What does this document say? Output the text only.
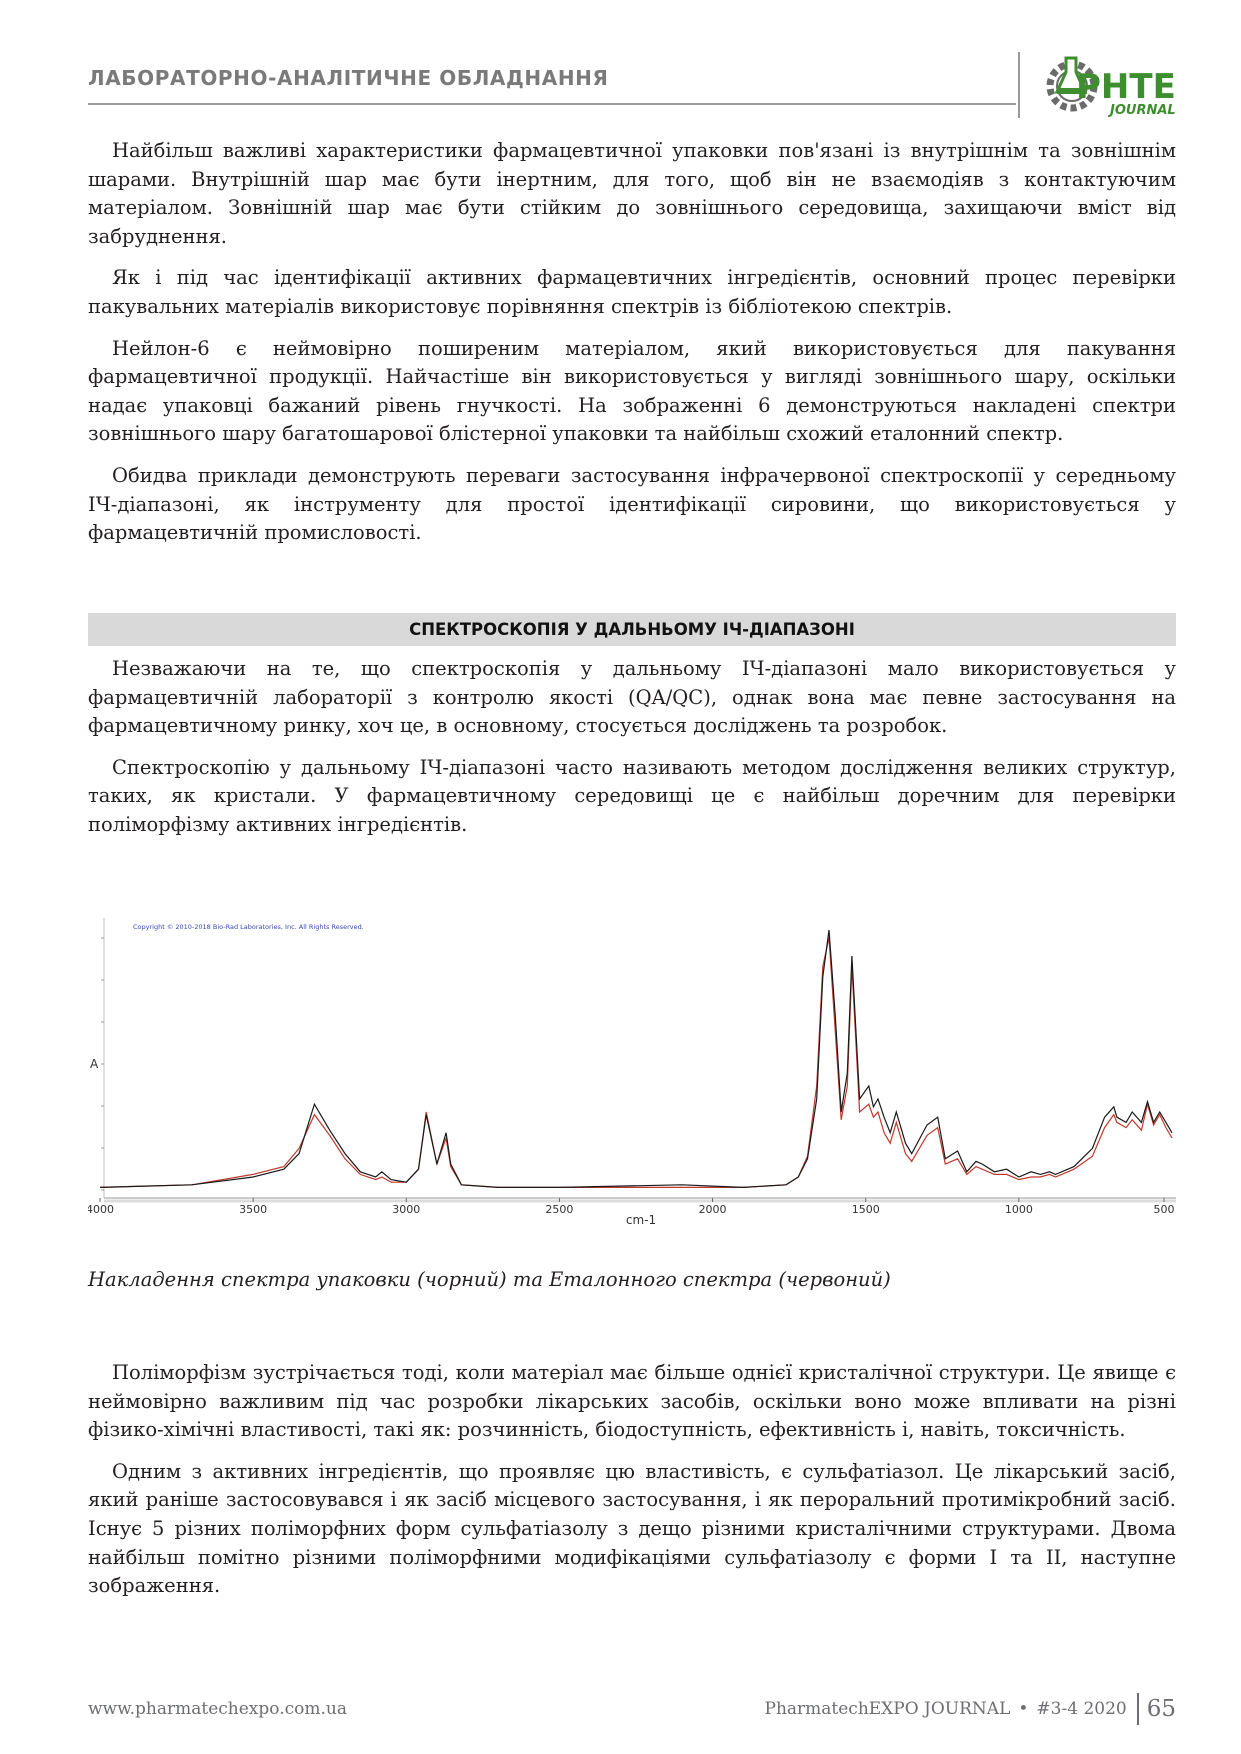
ЛАБОРАТОРНО-АНАЛІТИЧНЕ ОБЛАДНАННЯ	PHTE
JOURNAL

Найбільш важливі характеристики фармацевтичної упаковки пов'язані із внутрішнім та зовнішнім шарами. Внутрішній шар має бути інертним, для того, щоб він не взаємодіяв з контактуючим матеріалом. Зовнішній шар має бути стійким до зовнішнього середовища, захищаючи вміст від забруднення.

Як і під час ідентифікації активних фармацевтичних інгредієнтів, основний процес перевірки пакувальних матеріалів використовує порівняння спектрів із бібліотекою спектрів.

Нейлон-6 є неймовірно поширеним матеріалом, який використовується для пакування фармацевтичної продукції. Найчастіше він використовується у вигляді зовнішнього шару, оскільки надає упаковці бажаний рівень гнучкості. На зображенні 6 демонструються накладені спектри зовнішнього шару багатошарової блістерної упаковки та найбільш схожий еталонний спектр.

Обидва приклади демонструють переваги застосування інфрачервоної спектроскопії у середньому ІЧ-діапазоні, як інструменту для простої ідентифікації сировини, що використовується у фармацевтичній промисловості.

СПЕКТРОСКОПІЯ У ДАЛЬНЬОМУ ІЧ-ДІАПАЗОНІ

Незважаючи на те, що спектроскопія у дальньому ІЧ-діапазоні мало використовується у фармацевтичній лабораторії з контролю якості (QA/QC), однак вона має певне застосування на фармацевтичному ринку, хоч це, в основному, стосується досліджень та розробок.

Спектроскопію у дальньому ІЧ-діапазоні часто називають методом дослідження великих структур, таких, як кристали. У фармацевтичному середовищі це є найбільш доречним для перевірки поліморфізму активних інгредієнтів.

Copyright © 2010-2018 Bio-Rad Laboratories, Inc. All Rights Reserved.
A
4000	3500	3000	2500	2000	1500	1000	500
cm-1
Накладення спектра упаковки (чорний) та Еталонного спектра (червоний)

Поліморфізм зустрічається тоді, коли матеріал має більше однієї кристалічної структури. Це явище є неймовірно важливим під час розробки лікарських засобів, оскільки воно може впливати на різні фізико-хімічні властивості, такі як: розчинність, біодоступність, ефективність і, навіть, токсичність.

Одним з активних інгредієнтів, що проявляє цю властивість, є сульфатіазол. Це лікарський засіб, який раніше застосовувався і як засіб місцевого застосування, і як пероральний протимікробний засіб. Існує 5 різних поліморфних форм сульфатіазолу з дещо різними кристалічними структурами. Двома найбільш помітно різними поліморфними модифікаціями сульфатіазолу є форми I та II, наступне зображення.

www.pharmatechexpo.com.ua	PharmatechEXPO JOURNAL • #3-4 2020 65
